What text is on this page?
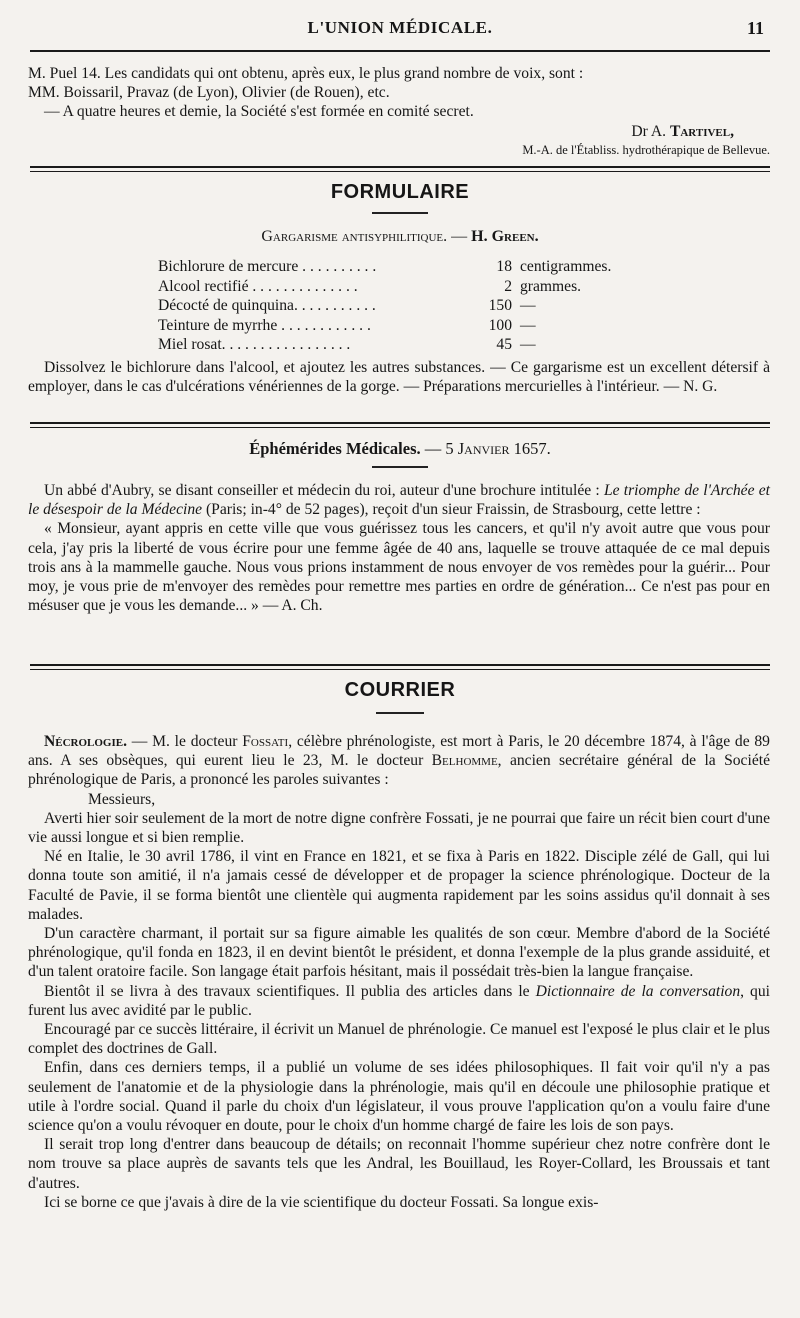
L'UNION MÉDICALE.	11

M. Puel 14. Les candidats qui ont obtenu, après eux, le plus grand nombre de voix, sont :

MM. Boissaril, Pravaz (de Lyon), Olivier (de Rouen), etc.

— A quatre heures et demie, la Société s'est formée en comité secret.

Dr A. Tartivel,

M.-A. de l'Établiss. hydrothérapique de Bellevue.

FORMULAIRE
Gargarisme antisyphilitique. — H. Green.
Bichlorure de mercure . . . . . . . . . .	18 centigrammes.
Alcool rectifié . . . . . . . . . . . . . .	2 grammes.
Décocté de quinquina. . . . . . . . . . .	150 —
Teinture de myrrhe . . . . . . . . . . . .	100 —
Miel rosat. . . . . . . . . . . . . . . . .	45 —

Dissolvez le bichlorure dans l'alcool, et ajoutez les autres substances. — Ce gargarisme est un excellent détersif à employer, dans le cas d'ulcérations vénériennes de la gorge. — Préparations mercurielles à l'intérieur. — N. G.

Éphémérides Médicales. — 5 Janvier 1657.

Un abbé d'Aubry, se disant conseiller et médecin du roi, auteur d'une brochure intitulée : Le triomphe de l'Archée et le désespoir de la Médecine (Paris; in-4° de 52 pages), reçoit d'un sieur Fraissin, de Strasbourg, cette lettre :

« Monsieur, ayant appris en cette ville que vous guérissez tous les cancers, et qu'il n'y avoit autre que vous pour cela, j'ay pris la liberté de vous écrire pour une femme âgée de 40 ans, laquelle se trouve attaquée de ce mal depuis trois ans à la mammelle gauche. Nous vous prions instamment de nous envoyer de vos remèdes pour la guérir... Pour moy, je vous prie de m'envoyer des remèdes pour remettre mes parties en ordre de génération... Ce n'est pas pour en mésuser que je vous les demande... » — A. Ch.

COURRIER

Nécrologie. — M. le docteur Fossati, célèbre phrénologiste, est mort à Paris, le 20 décembre 1874, à l'âge de 89 ans. A ses obsèques, qui eurent lieu le 23, M. le docteur Belhomme, ancien secrétaire général de la Société phrénologique de Paris, a prononcé les paroles suivantes :

Messieurs,

Averti hier soir seulement de la mort de notre digne confrère Fossati, je ne pourrai que faire un récit bien court d'une vie aussi longue et si bien remplie.

Né en Italie, le 30 avril 1786, il vint en France en 1821, et se fixa à Paris en 1822. Disciple zélé de Gall, qui lui donna toute son amitié, il n'a jamais cessé de développer et de propager la science phrénologique. Docteur de la Faculté de Pavie, il se forma bientôt une clientèle qui augmenta rapidement par les soins assidus qu'il donnait à ses malades.

D'un caractère charmant, il portait sur sa figure aimable les qualités de son cœur. Membre d'abord de la Société phrénologique, qu'il fonda en 1823, il en devint bientôt le président, et donna l'exemple de la plus grande assiduité, et d'un talent oratoire facile. Son langage était parfois hésitant, mais il possédait très-bien la langue française.

Bientôt il se livra à des travaux scientifiques. Il publia des articles dans le Dictionnaire de la conversation, qui furent lus avec avidité par le public.

Encouragé par ce succès littéraire, il écrivit un Manuel de phrénologie. Ce manuel est l'exposé le plus clair et le plus complet des doctrines de Gall.

Enfin, dans ces derniers temps, il a publié un volume de ses idées philosophiques. Il fait voir qu'il n'y a pas seulement de l'anatomie et de la physiologie dans la phrénologie, mais qu'il en découle une philosophie pratique et utile à l'ordre social. Quand il parle du choix d'un législateur, il vous prouve l'application qu'on a voulu faire d'une science qu'on a voulu révoquer en doute, pour le choix d'un homme chargé de faire les lois de son pays.

Il serait trop long d'entrer dans beaucoup de détails; on reconnait l'homme supérieur chez notre confrère dont le nom trouve sa place auprès de savants tels que les Andral, les Bouillaud, les Royer-Collard, les Broussais et tant d'autres.

Ici se borne ce que j'avais à dire de la vie scientifique du docteur Fossati. Sa longue exis-
